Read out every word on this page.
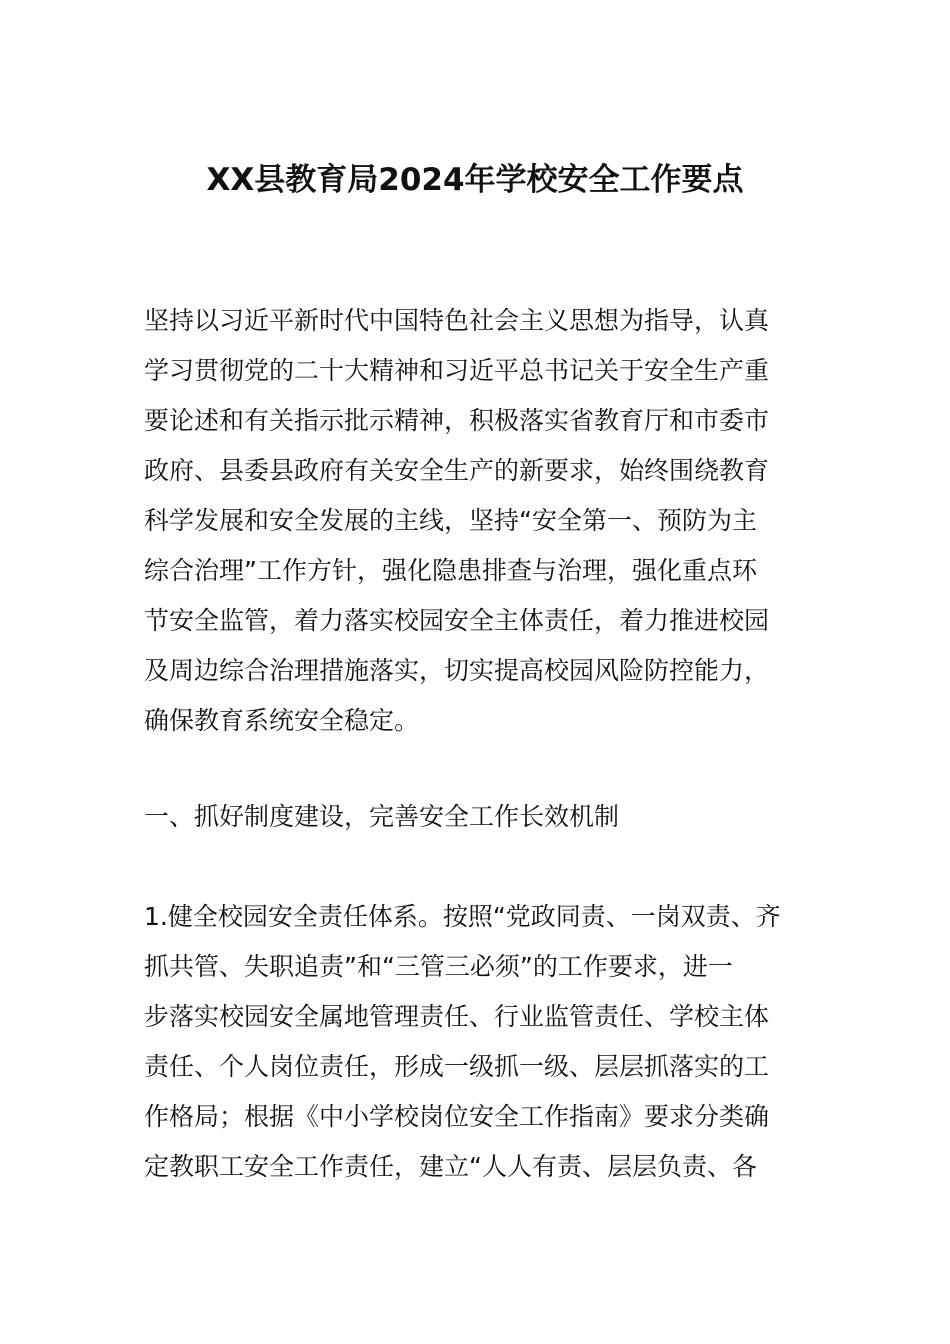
XX县教育局2024年学校安全工作要点
坚持以习近平新时代中国特色社会主义思想为指导，认真
学习贯彻党的二十大精神和习近平总书记关于安全生产重
要论述和有关指示批示精神，积极落实省教育厅和市委市
政府、县委县政府有关安全生产的新要求，始终围绕教育
科学发展和安全发展的主线，坚持“安全第一、预防为主
综合治理”工作方针，强化隐患排查与治理，强化重点环
节安全监管，着力落实校园安全主体责任，着力推进校园
及周边综合治理措施落实，切实提高校园风险防控能力，
确保教育系统安全稳定。
一、抓好制度建设，完善安全工作长效机制
1.健全校园安全责任体系。按照“党政同责、一岗双责、齐
抓共管、失职追责”和“三管三必须”的工作要求，进一
步落实校园安全属地管理责任、行业监管责任、学校主体
责任、个人岗位责任，形成一级抓一级、层层抓落实的工
作格局；根据《中小学校岗位安全工作指南》要求分类确
定教职工安全工作责任，建立“人人有责、层层负责、各
